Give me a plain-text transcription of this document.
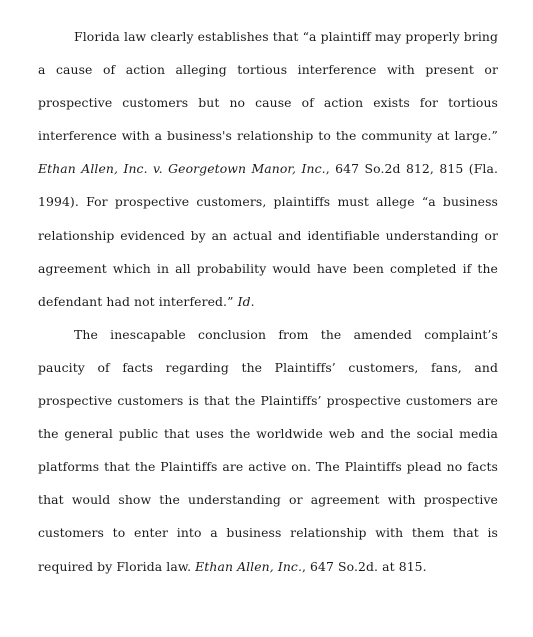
Florida law clearly establishes that “a plaintiff may properly bring a cause of action alleging tortious interference with present or prospective customers but no cause of action exists for tortious interference with a business's relationship to the community at large.” Ethan Allen, Inc. v. Georgetown Manor, Inc., 647 So.2d 812, 815 (Fla. 1994). For prospective customers, plaintiffs must allege “a business relationship evidenced by an actual and identifiable understanding or agreement which in all probability would have been completed if the defendant had not interfered.” Id.

The inescapable conclusion from the amended complaint’s paucity of facts regarding the Plaintiffs’ customers, fans, and prospective customers is that the Plaintiffs’ prospective customers are the general public that uses the worldwide web and the social media platforms that the Plaintiffs are active on. The Plaintiffs plead no facts that would show the understanding or agreement with prospective customers to enter into a business relationship with them that is required by Florida law. Ethan Allen, Inc., 647 So.2d. at 815.
